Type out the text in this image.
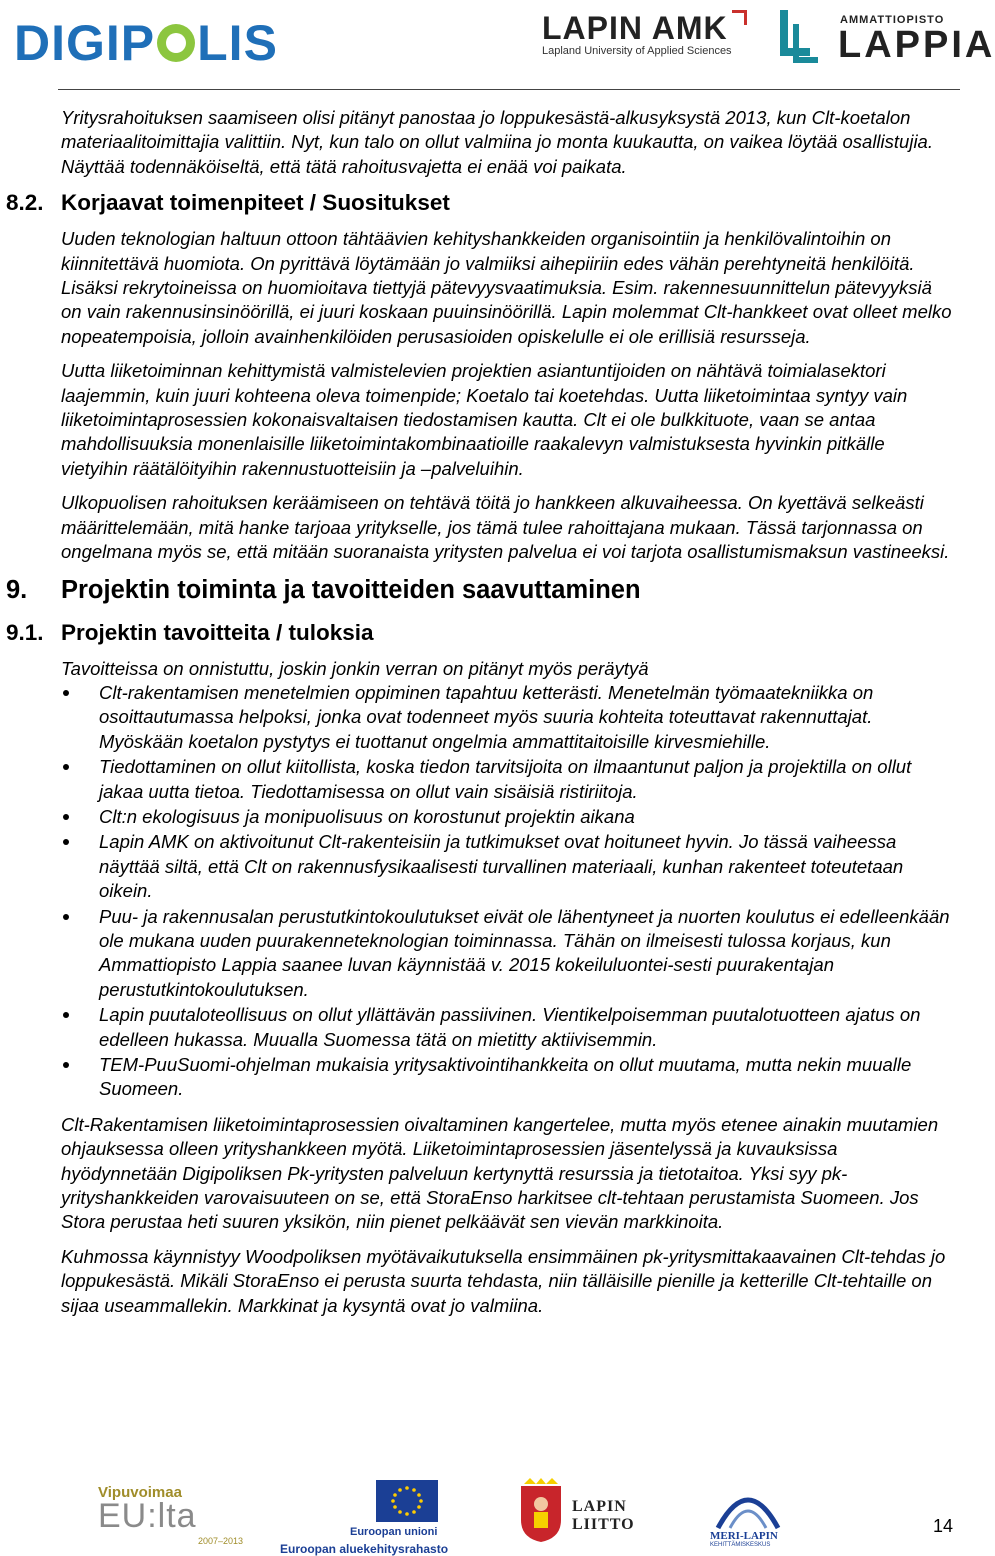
DIGIP LIS	LAPIN AMK
Lapland University of Applied Sciences
AMMATTIOPISTO
LAPPIA

Yritysrahoituksen saamiseen olisi pitänyt panostaa jo loppukesästä-alkusyksystä 2013, kun Clt-koetalon materiaalitoimittajia valittiin. Nyt, kun talo on ollut valmiina jo monta kuukautta, on vaikea löytää osallistujia. Näyttää todennäköiseltä, että tätä rahoitusvajetta ei enää voi paikata.

8.2. Korjaavat toimenpiteet / Suositukset

Uuden teknologian haltuun ottoon tähtäävien kehityshankkeiden organisointiin ja henkilövalintoihin on kiinnitettävä huomiota. On pyrittävä löytämään jo valmiiksi aihepiiriin edes vähän perehtyneitä henkilöitä. Lisäksi rekrytoineissa on huomioitava tiettyjä pätevyysvaatimuksia. Esim. rakennesuunnittelun pätevyyksiä on vain rakennusinsinöörillä, ei juuri koskaan puuinsinöörillä. Lapin molemmat Clt-hankkeet ovat olleet melko nopeatempoisia, jolloin avainhenkilöiden perusasioiden opiskelulle ei ole erillisiä resursseja.

Uutta liiketoiminnan kehittymistä valmistelevien projektien asiantuntijoiden on nähtävä toimialasektori laajemmin, kuin juuri kohteena oleva toimenpide; Koetalo tai koetehdas. Uutta liiketoimintaa syntyy vain liiketoimintaprosessien kokonaisvaltaisen tiedostamisen kautta. Clt ei ole bulkkituote, vaan se antaa mahdollisuuksia monenlaisille liiketoimintakombinaatioille raakalevyn valmistuksesta hyvinkin pitkälle vietyihin räätälöityihin rakennustuotteisiin ja –palveluihin.

Ulkopuolisen rahoituksen keräämiseen on tehtävä töitä jo hankkeen alkuvaiheessa. On kyettävä selkeästi määrittelemään, mitä hanke tarjoaa yritykselle, jos tämä tulee rahoittajana mukaan. Tässä tarjonnassa on ongelmana myös se, että mitään suoranaista yritysten palvelua ei voi tarjota osallistumismaksun vastineeksi.

9.	Projektin toiminta ja tavoitteiden saavuttaminen
9.1. Projektin tavoitteita / tuloksia

Tavoitteissa on onnistuttu, joskin jonkin verran on pitänyt myös peräytyä

Clt-rakentamisen menetelmien oppiminen tapahtuu ketterästi. Menetelmän työmaatekniikka on osoittautumassa helpoksi, jonka ovat todenneet myös suuria kohteita toteuttavat rakennuttajat. Myöskään koetalon pystytys ei tuottanut ongelmia ammattitaitoisille kirvesmiehille.
Tiedottaminen on ollut kiitollista, koska tiedon tarvitsijoita on ilmaantunut paljon ja projektilla on ollut jakaa uutta tietoa. Tiedottamisessa on ollut vain sisäisiä ristiriitoja.
Clt:n ekologisuus ja monipuolisuus on korostunut projektin aikana
Lapin AMK on aktivoitunut Clt-rakenteisiin ja tutkimukset ovat hoituneet hyvin. Jo tässä vaiheessa näyttää siltä, että Clt on rakennusfysikaalisesti turvallinen materiaali, kunhan rakenteet toteutetaan oikein.
Puu- ja rakennusalan perustutkintokoulutukset eivät ole lähentyneet ja nuorten koulutus ei edelleenkään ole mukana uuden puurakenneteknologian toiminnassa. Tähän on ilmeisesti tulossa korjaus, kun Ammattiopisto Lappia saanee luvan käynnistää v. 2015 kokeiluluontei-sesti puurakentajan perustutkintokoulutuksen.
Lapin puutaloteollisuus on ollut yllättävän passiivinen. Vientikelpoisemman puutalotuotteen ajatus on edelleen hukassa. Muualla Suomessa tätä on mietitty aktiivisemmin.
TEM-PuuSuomi-ohjelman mukaisia yritysaktivointihankkeita on ollut muutama, mutta nekin muualle Suomeen.

Clt-Rakentamisen liiketoimintaprosessien oivaltaminen kangertelee, mutta myös etenee ainakin muutamien ohjauksessa olleen yrityshankkeen myötä. Liiketoimintaprosessien jäsentelyssä ja kuvauksissa hyödynnetään Digipoliksen Pk-yritysten palveluun kertynyttä resurssia ja tietotaitoa. Yksi syy pk-yrityshankkeiden varovaisuuteen on se, että StoraEnso harkitsee clt-tehtaan perustamista Suomeen. Jos Stora perustaa heti suuren yksikön, niin pienet pelkäävät sen vievän markkinoita.

Kuhmossa käynnistyy Woodpoliksen myötävaikutuksella ensimmäinen pk-yritysmittakaavainen Clt-tehdas jo loppukesästä. Mikäli StoraEnso ei perusta suurta tehdasta, niin tälläisille pienille ja ketterille Clt-tehtaille on sijaa useammallekin. Markkinat ja kysyntä ovat jo valmiina.

Vipuvoimaa
EU:lta
2007–2013
Euroopan unioni
Euroopan aluekehitysrahasto
LAPIN LIITTO
MERI-LAPIN
KEHITTÄMISKESKUS
14
